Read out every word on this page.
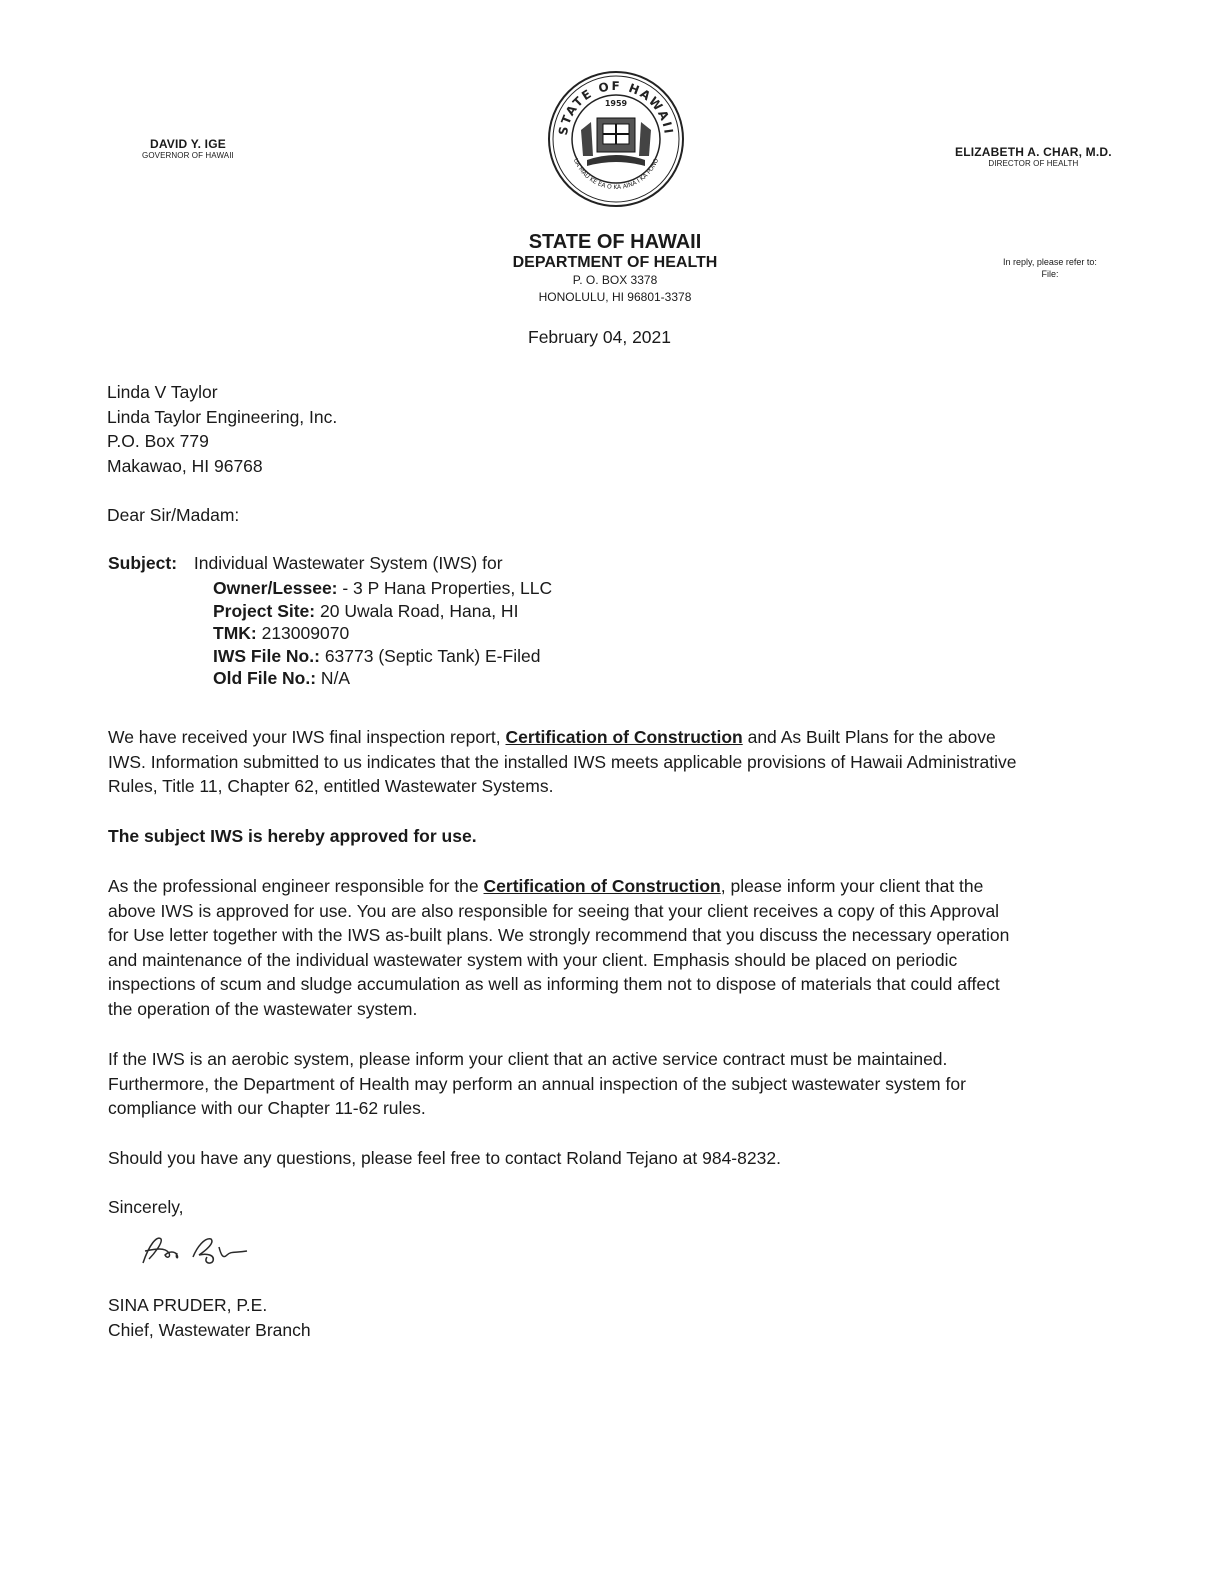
DAVID Y. IGE
GOVERNOR OF HAWAII
STATE OF HAWAII
UA MAU KE EA O KA AINA I KA PONO
1959
ELIZABETH A. CHAR, M.D.
DIRECTOR OF HEALTH
STATE OF HAWAII
DEPARTMENT OF HEALTH
P. O. BOX 3378
HONOLULU, HI 96801-3378
In reply, please refer to:
File:
February 04, 2021
Linda V Taylor
Linda Taylor Engineering, Inc.
P.O. Box 779
Makawao, HI 96768
Dear Sir/Madam:
Subject: Individual Wastewater System (IWS) for
Owner/Lessee: - 3 P Hana Properties, LLC
Project Site: 20 Uwala Road, Hana, HI
TMK: 213009070
IWS File No.: 63773 (Septic Tank) E-Filed
Old File No.: N/A
We have received your IWS final inspection report, Certification of Construction and As Built Plans for the above IWS. Information submitted to us indicates that the installed IWS meets applicable provisions of Hawaii Administrative Rules, Title 11, Chapter 62, entitled Wastewater Systems.
The subject IWS is hereby approved for use.
As the professional engineer responsible for the Certification of Construction, please inform your client that the above IWS is approved for use. You are also responsible for seeing that your client receives a copy of this Approval for Use letter together with the IWS as-built plans. We strongly recommend that you discuss the necessary operation and maintenance of the individual wastewater system with your client. Emphasis should be placed on periodic inspections of scum and sludge accumulation as well as informing them not to dispose of materials that could affect the operation of the wastewater system.
If the IWS is an aerobic system, please inform your client that an active service contract must be maintained. Furthermore, the Department of Health may perform an annual inspection of the subject wastewater system for compliance with our Chapter 11-62 rules.
Should you have any questions, please feel free to contact Roland Tejano at 984-8232.
Sincerely,
SINA PRUDER, P.E.
Chief, Wastewater Branch
